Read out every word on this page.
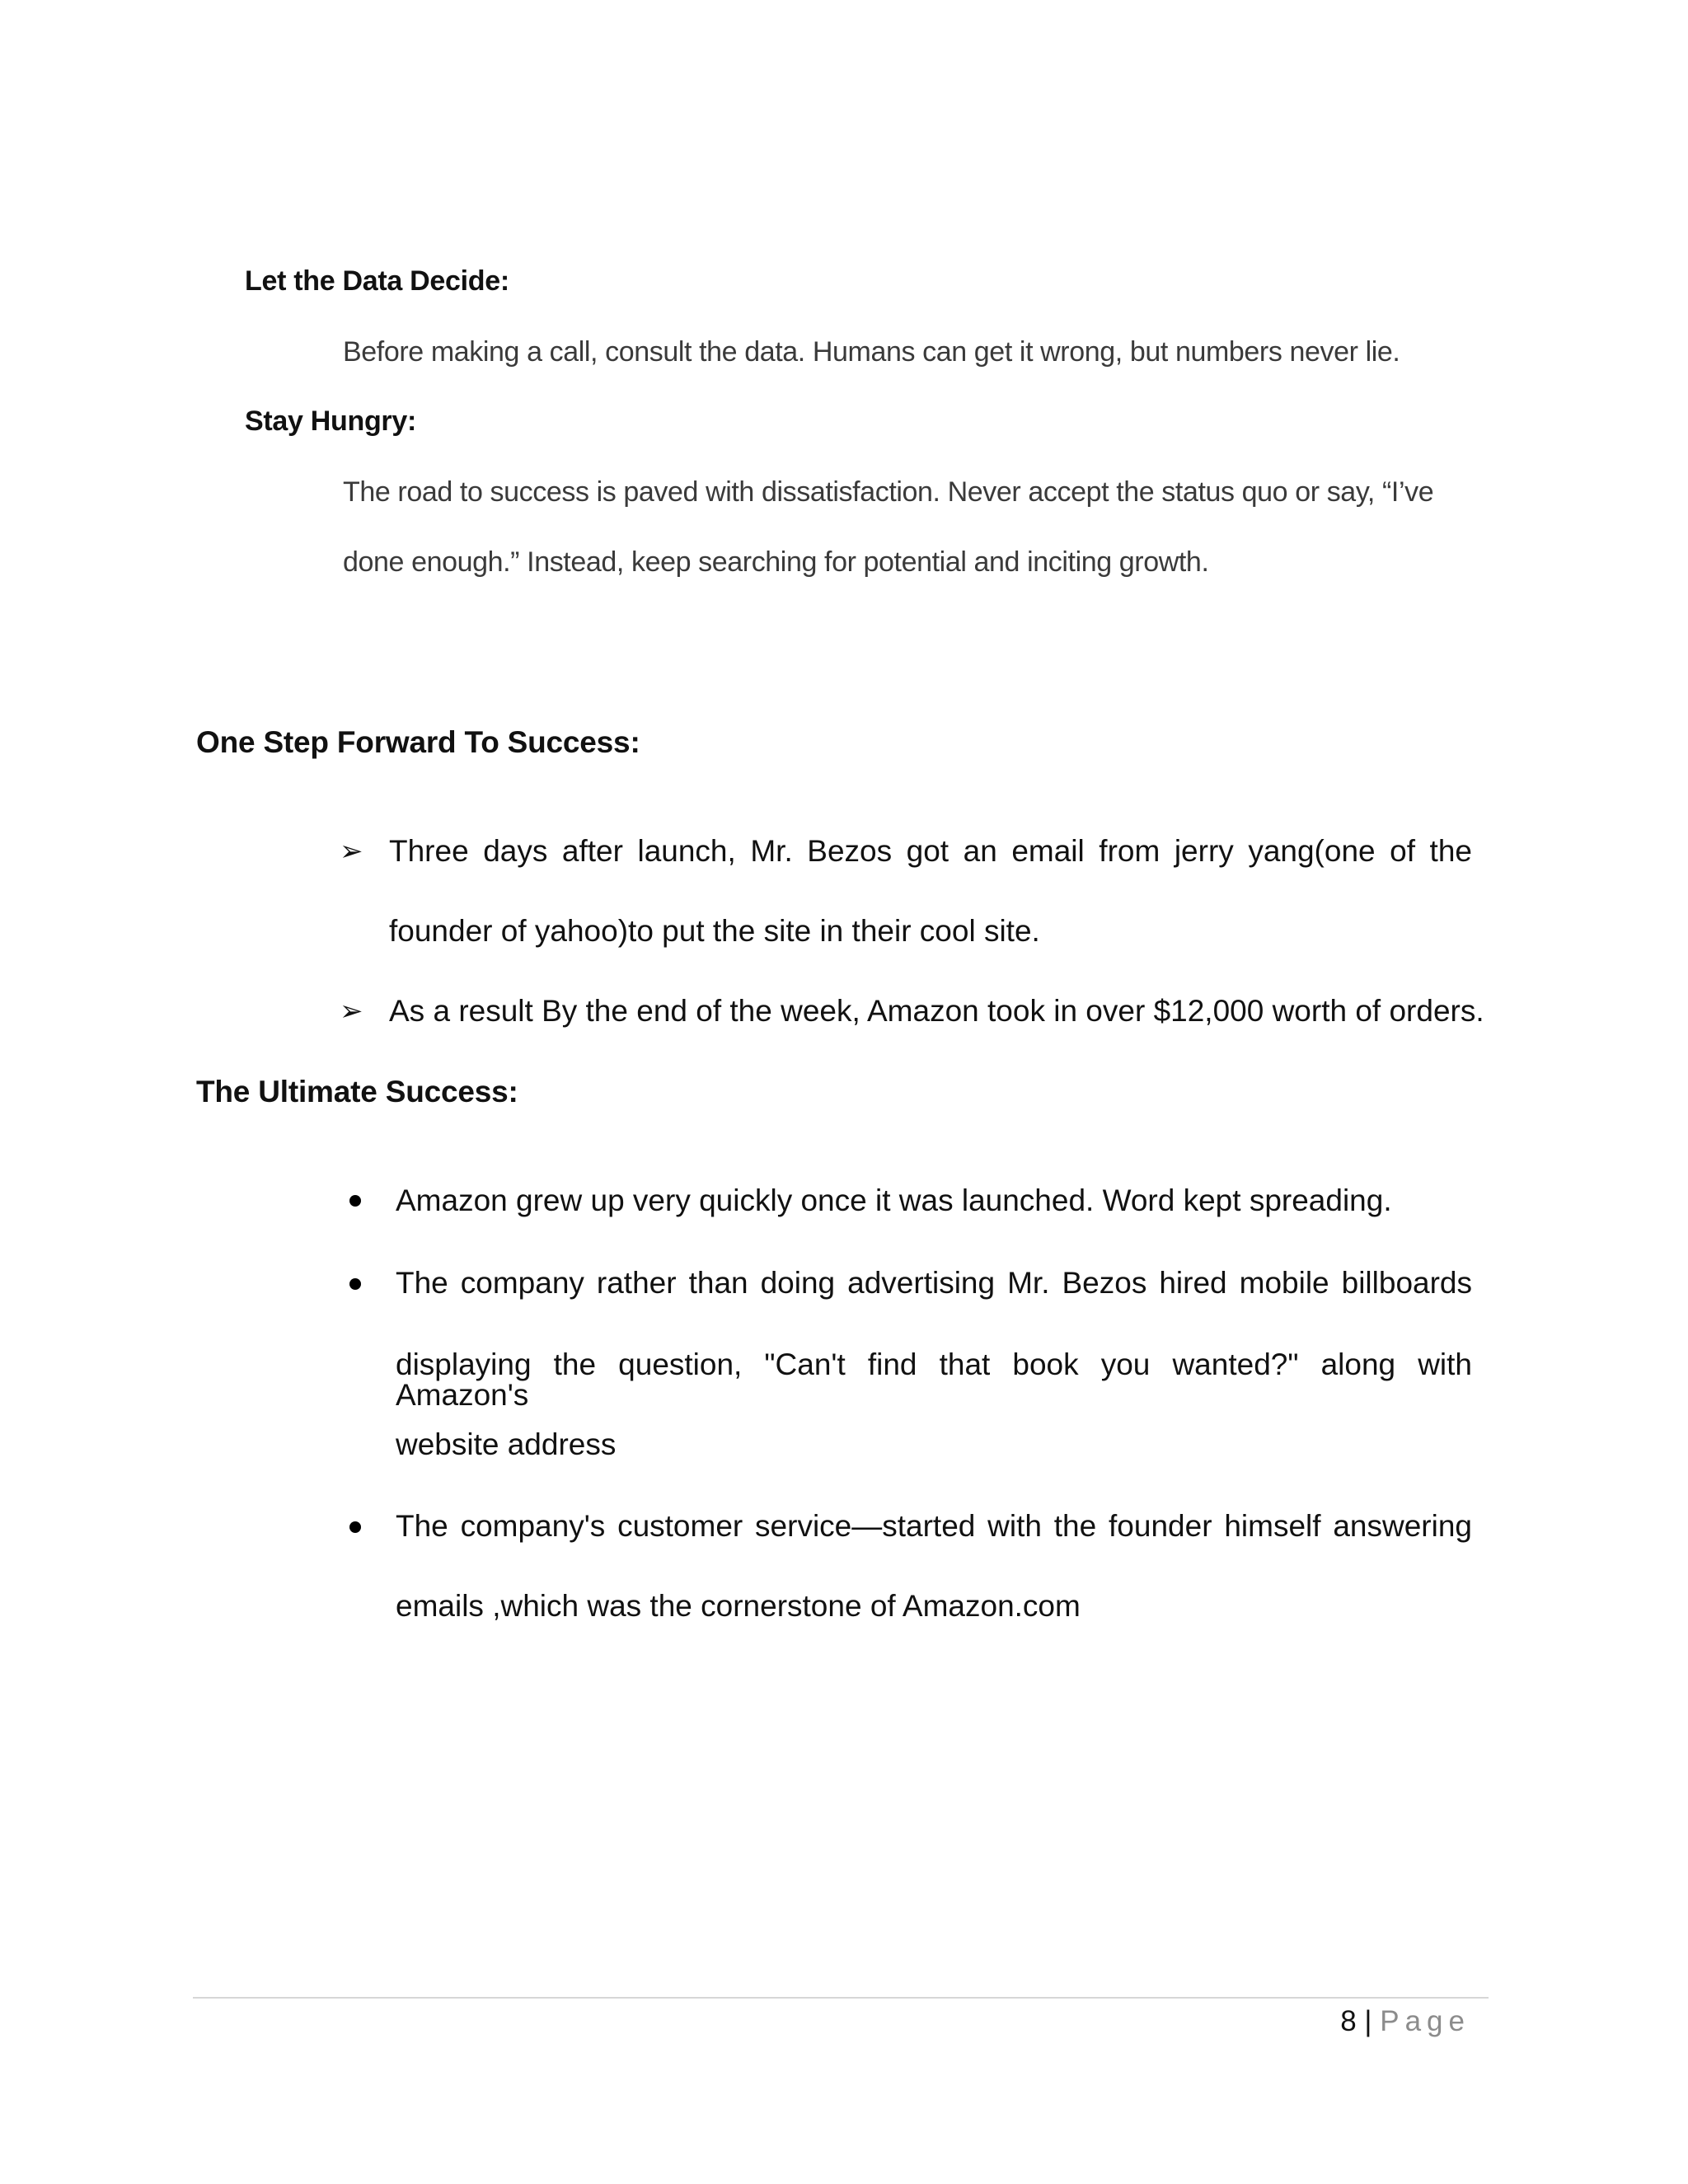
Let the Data Decide:
Before making a call, consult the data. Humans can get it wrong, but numbers never lie.
Stay Hungry:
The road to success is paved with dissatisfaction. Never accept the status quo or say, “I’ve
done enough.” Instead, keep searching for potential and inciting growth.
One Step Forward To Success:
➢ Three days after launch, Mr. Bezos got an email from jerry yang(one of the
founder of yahoo)to put the site in their cool site.
➢ As a result By the end of the week, Amazon took in over $12,000 worth of orders.
The Ultimate Success:
Amazon grew up very quickly once it was launched. Word kept spreading.
The company rather than doing advertising Mr. Bezos hired mobile billboards
displaying the question, "Can't find that book you wanted?" along with Amazon's
website address
The company's customer service—started with the founder himself answering
emails ,which was the cornerstone of Amazon.com
8 | Page
